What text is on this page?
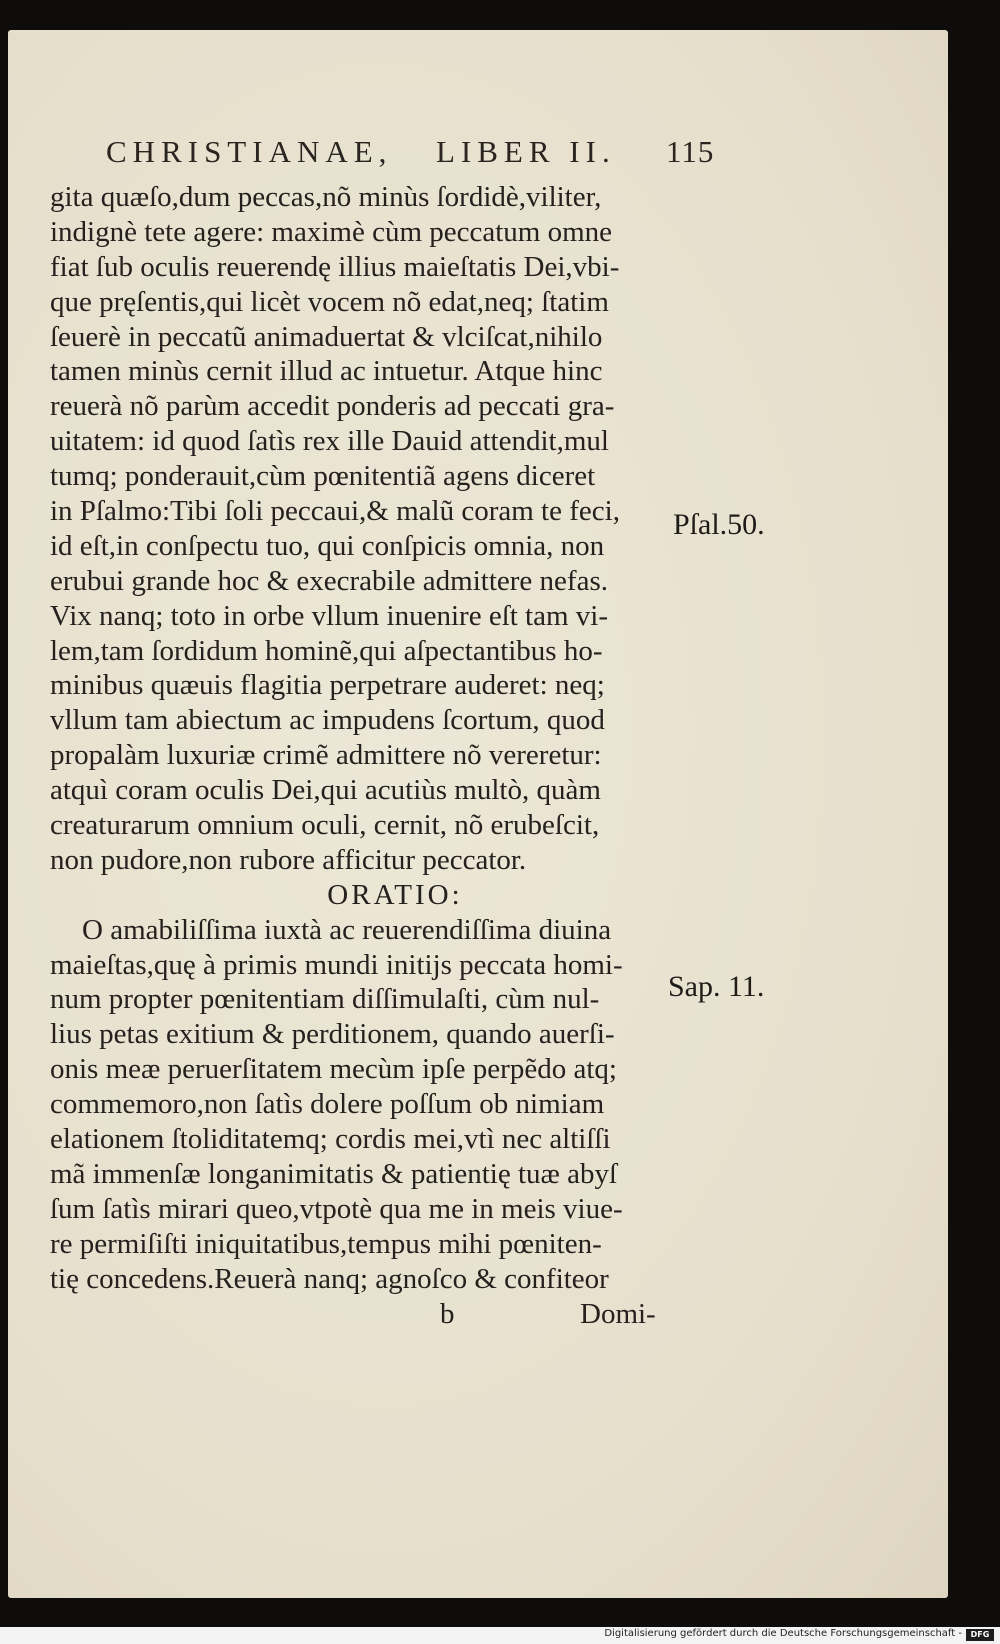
CHRISTIANAE, LIBER II. 115
gita quæſo,dum peccas,nõ minùs ſordidè,viliter,
indignè tete agere: maximè cùm peccatum omne
fiat ſub oculis reuerendę illius maieſtatis Dei,vbi-
que pręſentis,qui licèt vocem nõ edat,neq; ſtatim
ſeuerè in peccatũ animaduertat & vlciſcat,nihilo
tamen minùs cernit illud ac intuetur. Atque hinc
reuerà nõ parùm accedit ponderis ad peccati gra-
uitatem: id quod ſatìs rex ille Dauid attendit,mul
tumq; ponderauit,cùm pœnitentiã agens diceret
in Pſalmo:Tibi ſoli peccaui,& malũ coram te feci,
id eſt,in conſpectu tuo, qui conſpicis omnia, non
erubui grande hoc & execrabile admittere nefas.
Vix nanq; toto in orbe vllum inuenire eſt tam vi-
lem,tam ſordidum hominẽ,qui aſpectantibus ho-
minibus quæuis flagitia perpetrare auderet: neq;
vllum tam abiectum ac impudens ſcortum, quod
propalàm luxuriæ crimẽ admittere nõ vereretur:
atquì coram oculis Dei,qui acutiùs multò, quàm
creaturarum omnium oculi, cernit, nõ erubeſcit,
non pudore,non rubore afficitur peccator.
ORATIO:
O amabiliſſima iuxtà ac reuerendiſſima diuina
maieſtas,quę à primis mundi initijs peccata homi-
num propter pœnitentiam diſſimulaſti, cùm nul-
lius petas exitium & perditionem, quando auerſi-
onis meæ peruerſitatem mecùm ipſe perpẽdo atq;
commemoro,non ſatìs dolere poſſum ob nimiam
elationem ſtoliditatemq; cordis mei,vtì nec altiſſi
mã immenſæ longanimitatis & patientię tuæ abyſ
ſum ſatìs mirari queo,vtpotè qua me in meis viue-
re permiſiſti iniquitatibus,tempus mihi pœniten-
tię concedens.Reuerà nanq; agnoſco & confiteor
b	Domi-
Pſal.50.
Sap. 11.
Digitalisierung gefördert durch die Deutsche Forschungsgemeinschaft -	DFG
